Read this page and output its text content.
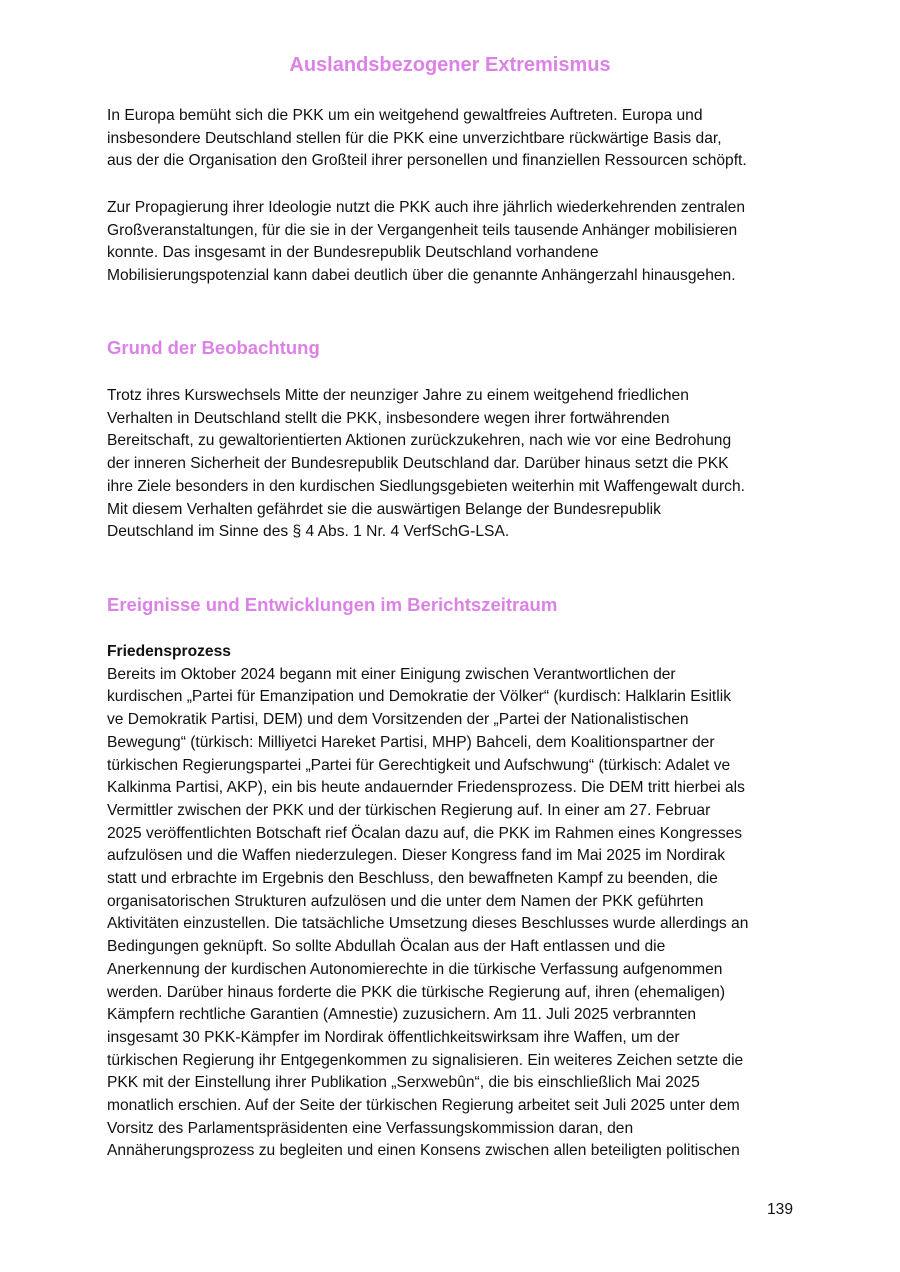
Auslandsbezogener Extremismus

In Europa bemüht sich die PKK um ein weitgehend gewaltfreies Auftreten. Europa und
insbesondere Deutschland stellen für die PKK eine unverzichtbare rückwärtige Basis dar,
aus der die Organisation den Großteil ihrer personellen und finanziellen Ressourcen schöpft.

Zur Propagierung ihrer Ideologie nutzt die PKK auch ihre jährlich wiederkehrenden zentralen
Großveranstaltungen, für die sie in der Vergangenheit teils tausende Anhänger mobilisieren
konnte. Das insgesamt in der Bundesrepublik Deutschland vorhandene
Mobilisierungspotenzial kann dabei deutlich über die genannte Anhängerzahl hinausgehen.

Grund der Beobachtung

Trotz ihres Kurswechsels Mitte der neunziger Jahre zu einem weitgehend friedlichen
Verhalten in Deutschland stellt die PKK, insbesondere wegen ihrer fortwährenden
Bereitschaft, zu gewaltorientierten Aktionen zurückzukehren, nach wie vor eine Bedrohung
der inneren Sicherheit der Bundesrepublik Deutschland dar. Darüber hinaus setzt die PKK
ihre Ziele besonders in den kurdischen Siedlungsgebieten weiterhin mit Waffengewalt durch.
Mit diesem Verhalten gefährdet sie die auswärtigen Belange der Bundesrepublik
Deutschland im Sinne des § 4 Abs. 1 Nr. 4 VerfSchG-LSA.

Ereignisse und Entwicklungen im Berichtszeitraum

Friedensprozess
Bereits im Oktober 2024 begann mit einer Einigung zwischen Verantwortlichen der
kurdischen „Partei für Emanzipation und Demokratie der Völker“ (kurdisch: Halklarin Esitlik
ve Demokratik Partisi, DEM) und dem Vorsitzenden der „Partei der Nationalistischen
Bewegung“ (türkisch: Milliyetci Hareket Partisi, MHP) Bahceli, dem Koalitionspartner der
türkischen Regierungspartei „Partei für Gerechtigkeit und Aufschwung“ (türkisch: Adalet ve
Kalkinma Partisi, AKP), ein bis heute andauernder Friedensprozess. Die DEM tritt hierbei als
Vermittler zwischen der PKK und der türkischen Regierung auf. In einer am 27. Februar
2025 veröffentlichten Botschaft rief Öcalan dazu auf, die PKK im Rahmen eines Kongresses
aufzulösen und die Waffen niederzulegen. Dieser Kongress fand im Mai 2025 im Nordirak
statt und erbrachte im Ergebnis den Beschluss, den bewaffneten Kampf zu beenden, die
organisatorischen Strukturen aufzulösen und die unter dem Namen der PKK geführten
Aktivitäten einzustellen. Die tatsächliche Umsetzung dieses Beschlusses wurde allerdings an
Bedingungen geknüpft. So sollte Abdullah Öcalan aus der Haft entlassen und die
Anerkennung der kurdischen Autonomierechte in die türkische Verfassung aufgenommen
werden. Darüber hinaus forderte die PKK die türkische Regierung auf, ihren (ehemaligen)
Kämpfern rechtliche Garantien (Amnestie) zuzusichern. Am 11. Juli 2025 verbrannten
insgesamt 30 PKK-Kämpfer im Nordirak öffentlichkeitswirksam ihre Waffen, um der
türkischen Regierung ihr Entgegenkommen zu signalisieren. Ein weiteres Zeichen setzte die
PKK mit der Einstellung ihrer Publikation „Serxwebûn“, die bis einschließlich Mai 2025
monatlich erschien. Auf der Seite der türkischen Regierung arbeitet seit Juli 2025 unter dem
Vorsitz des Parlamentspräsidenten eine Verfassungskommission daran, den
Annäherungsprozess zu begleiten und einen Konsens zwischen allen beteiligten politischen

139
